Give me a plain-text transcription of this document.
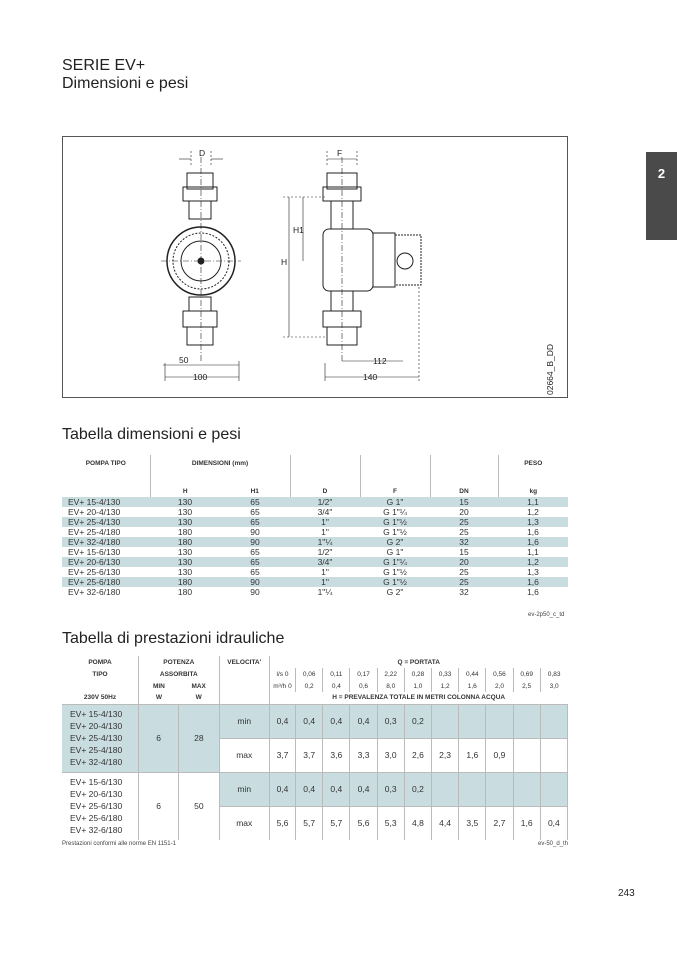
SERIE EV+
Dimensioni e pesi
2
D	F
H1
H
50
100
112
140	02664_B_DD
Tabella dimensioni e pesi
POMPA TIPO	DIMENSIONI (mm)					PESO
	H	H1	D	F	DN	kg
EV+ 15-4/130	130	65	1/2"	G 1"	15	1,1
EV+ 20-4/130	130	65	3/4"	G 1"¼	20	1,2
EV+ 25-4/130	130	65	1"	G 1"½	25	1,3
EV+ 25-4/180	180	90	1"	G 1"½	25	1,6
EV+ 32-4/180	180	90	1"¼	G 2"	32	1,6
EV+ 15-6/130	130	65	1/2"	G 1"	15	1,1
EV+ 20-6/130	130	65	3/4"	G 1"¼	20	1,2
EV+ 25-6/130	130	65	1"	G 1"½	25	1,3
EV+ 25-6/180	180	90	1"	G 1"½	25	1,6
EV+ 32-6/180	180	90	1"¼	G 2"	32	1,6
ev-2p50_c_td
Tabella di prestazioni idrauliche
POMPA	POTENZA		VELOCITA'	Q = PORTATA										
TIPO	ASSORBITA			l/s 0	0,06	0,11	0,17	2,22	0,28	0,33	0,44	0,56	0,69	0,83
	MIN	MAX		m³/h 0	0,2	0,4	0,6	8,0	1,0	1,2	1,6	2,0	2,5	3,0
230V 50Hz	W	W		H = PREVALENZA TOTALE IN METRI COLONNA ACQUA										

EV+ 15-4/130
EV+ 20-4/130
EV+ 25-4/130
EV+ 25-4/180
EV+ 32-4/180	6	28	min	0,4	0,4	0,4	0,4	0,3	0,2					
			max	3,7	3,7	3,6	3,3	3,0	2,6	2,3	1,6	0,9		

EV+ 15-6/130
EV+ 20-6/130
EV+ 25-6/130
EV+ 25-6/180
EV+ 32-6/180	6	50	min	0,4	0,4	0,4	0,4	0,3	0,2					
			max	5,6	5,7	5,7	5,6	5,3	4,8	4,4	3,5	2,7	1,6	0,4
Prestazioni conformi alle norme EN 1151-1	ev-50_d_th
243
